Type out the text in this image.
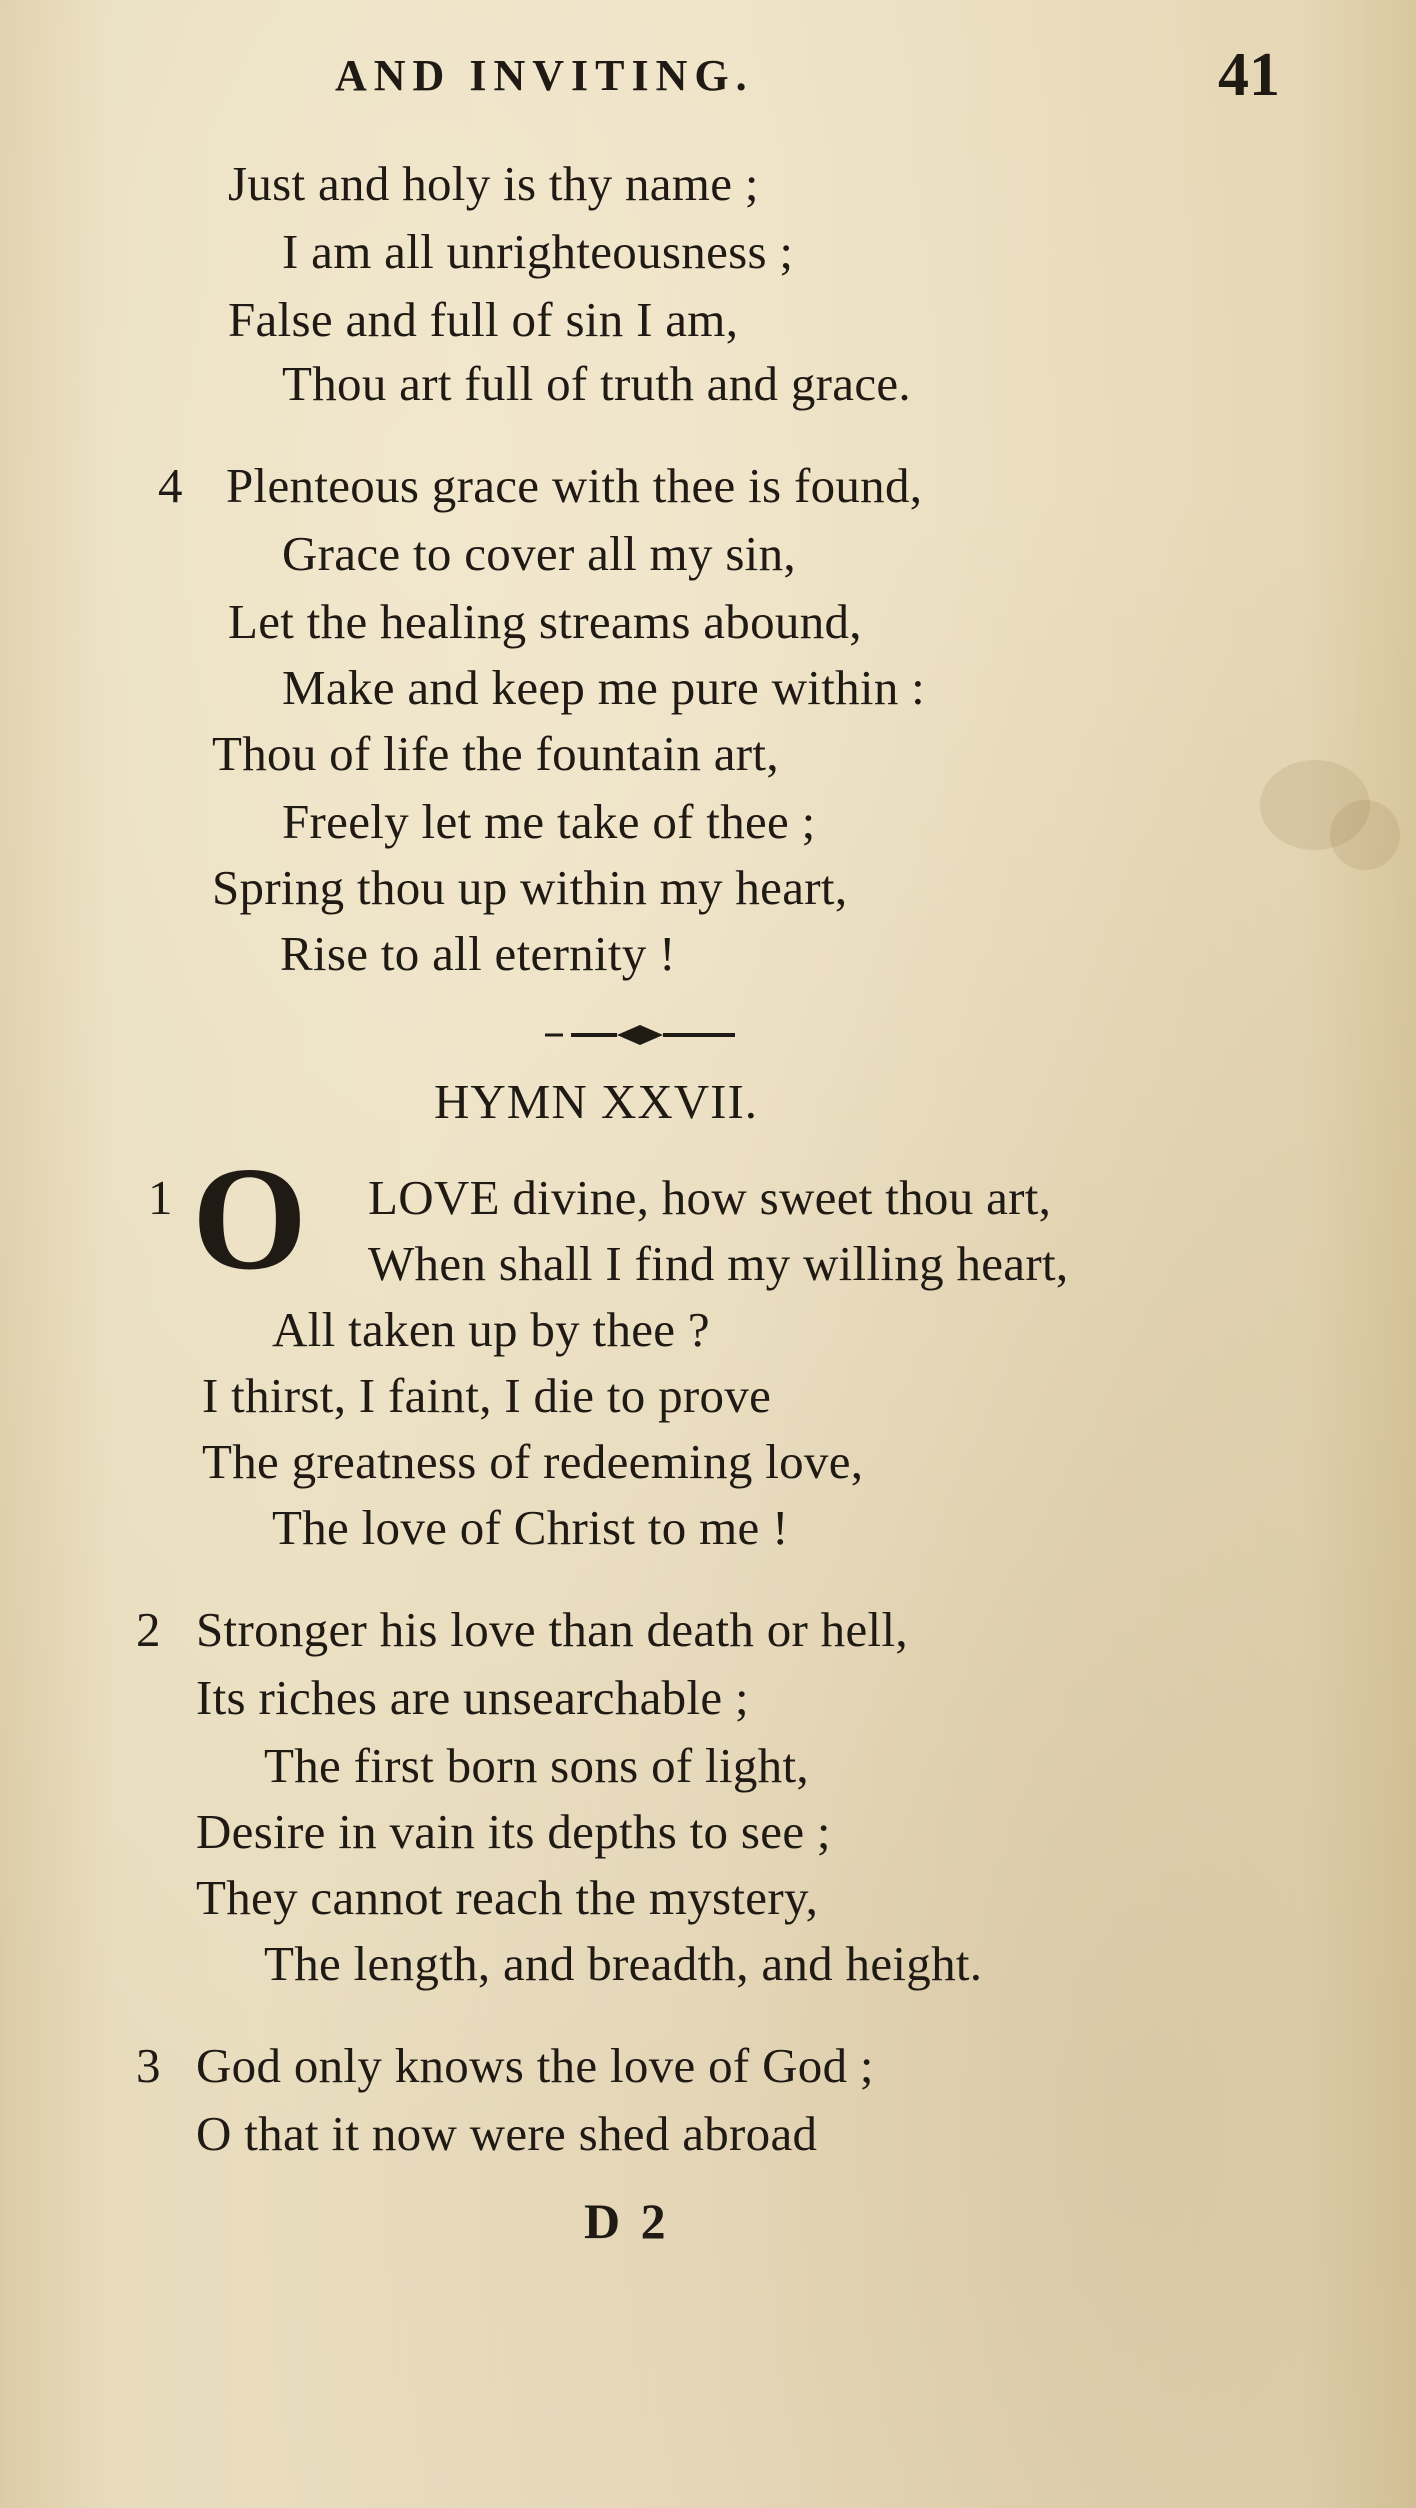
AND INVITING.	41
Just and holy is thy name ;
I am all unrighteousness ;
False and full of sin I am,
Thou art full of truth and grace.
4 Plenteous grace with thee is found,
Grace to cover all my sin,
Let the healing streams abound,
Make and keep me pure within :
Thou of life the fountain art,
Freely let me take of thee ;
Spring thou up within my heart,
Rise to all eternity !
HYMN XXVII.
1 O LOVE divine, how sweet thou art,
When shall I find my willing heart,
All taken up by thee ?
I thirst, I faint, I die to prove
The greatness of redeeming love,
The love of Christ to me !
2 Stronger his love than death or hell,
Its riches are unsearchable ;
The first born sons of light,
Desire in vain its depths to see ;
They cannot reach the mystery,
The length, and breadth, and height.
3 God only knows the love of God ;
O that it now were shed abroad
D 2
